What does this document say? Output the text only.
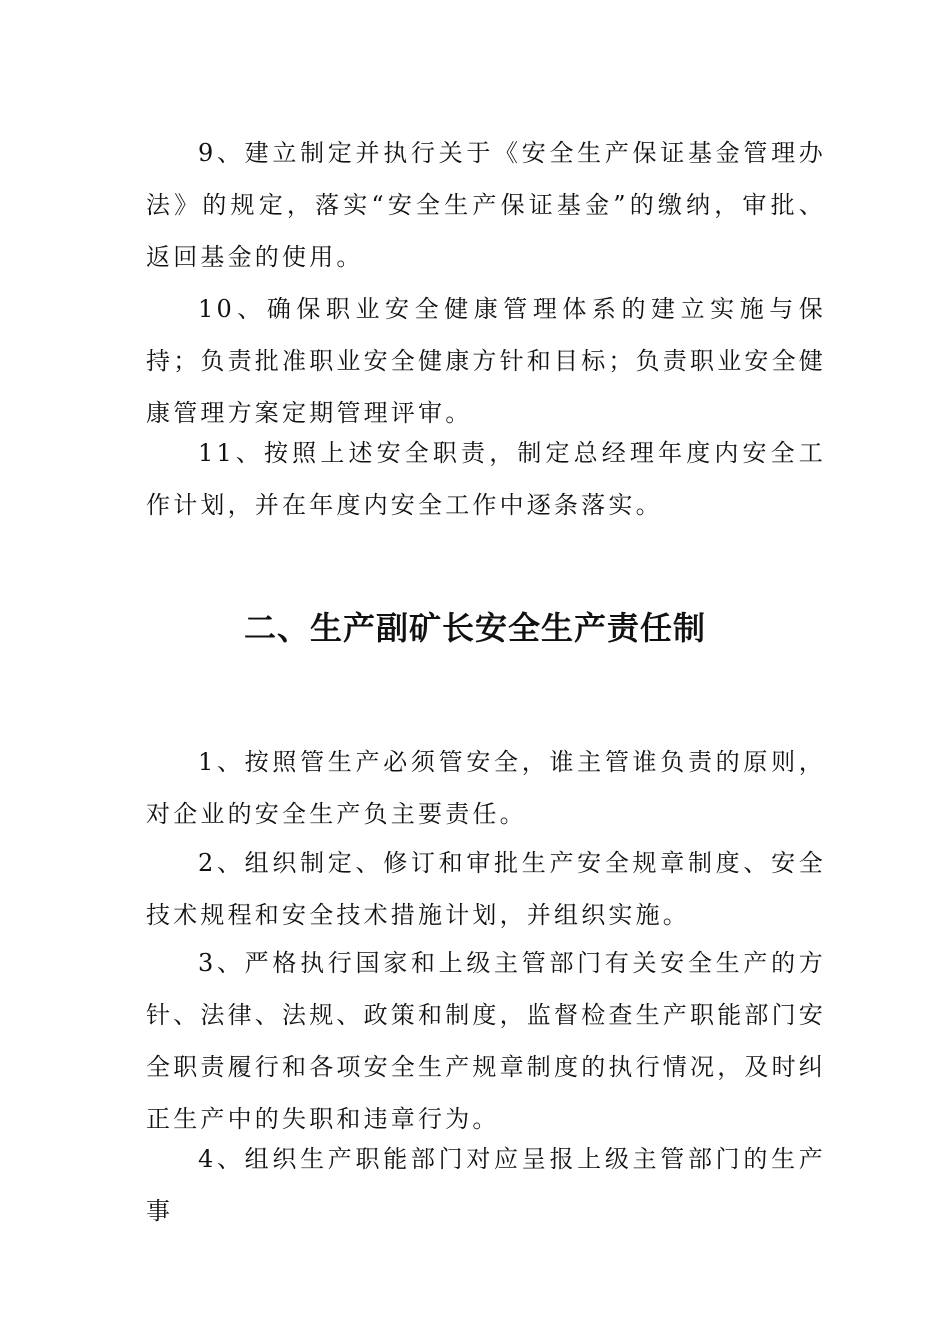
9、建立制定并执行关于《安全生产保证基金管理办法》的规定，落实“安全生产保证基金”的缴纳，审批、返回基金的使用。

10、确保职业安全健康管理体系的建立实施与保持；负责批准职业安全健康方针和目标；负责职业安全健康管理方案定期管理评审。

11、按照上述安全职责，制定总经理年度内安全工作计划，并在年度内安全工作中逐条落实。

二、生产副矿长安全生产责任制

1、按照管生产必须管安全，谁主管谁负责的原则，对企业的安全生产负主要责任。

2、组织制定、修订和审批生产安全规章制度、安全技术规程和安全技术措施计划，并组织实施。

3、严格执行国家和上级主管部门有关安全生产的方针、法律、法规、政策和制度，监督检查生产职能部门安全职责履行和各项安全生产规章制度的执行情况，及时纠正生产中的失职和违章行为。

4、组织生产职能部门对应呈报上级主管部门的生产事
